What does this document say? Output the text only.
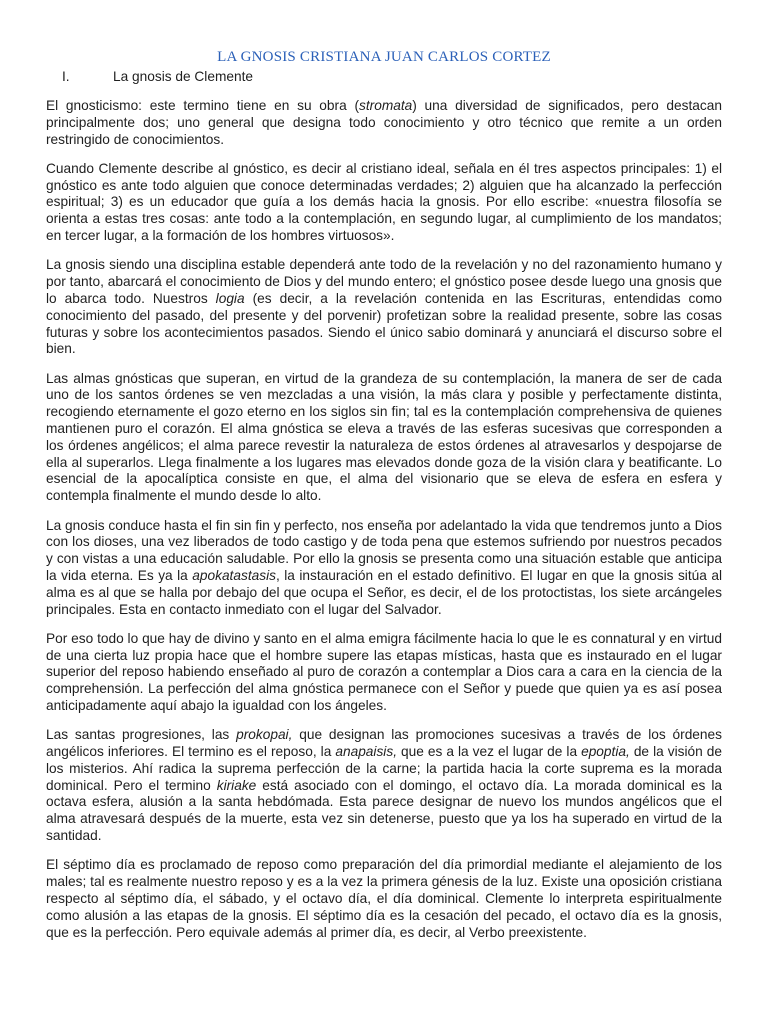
LA GNOSIS CRISTIANA JUAN CARLOS CORTEZ
I.	La gnosis de Clemente

El gnosticismo: este termino tiene en su obra (stromata) una diversidad de significados, pero destacan principalmente dos; uno general que designa todo conocimiento y otro técnico que remite a un orden restringido de conocimientos.

Cuando Clemente describe al gnóstico, es decir al cristiano ideal, señala en él tres aspectos principales: 1) el gnóstico es ante todo alguien que conoce determinadas verdades; 2) alguien que ha alcanzado la perfección espiritual; 3) es un educador que guía a los demás hacia la gnosis. Por ello escribe: «nuestra filosofía se orienta a estas tres cosas: ante todo a la contemplación, en segundo lugar, al cumplimiento de los mandatos; en tercer lugar, a la formación de los hombres virtuosos».

La gnosis siendo una disciplina estable dependerá ante todo de la revelación y no del razonamiento humano y por tanto, abarcará el conocimiento de Dios y del mundo entero; el gnóstico posee desde luego una gnosis que lo abarca todo. Nuestros logia (es decir, a la revelación contenida en las Escrituras, entendidas como conocimiento del pasado, del presente y del porvenir) profetizan sobre la realidad presente, sobre las cosas futuras y sobre los acontecimientos pasados. Siendo el único sabio dominará y anunciará el discurso sobre el bien.

Las almas gnósticas que superan, en virtud de la grandeza de su contemplación, la manera de ser de cada uno de los santos órdenes se ven mezcladas a una visión, la más clara y posible y perfectamente distinta, recogiendo eternamente el gozo eterno en los siglos sin fin; tal es la contemplación comprehensiva de quienes mantienen puro el corazón. El alma gnóstica se eleva a través de las esferas sucesivas que corresponden a los órdenes angélicos; el alma parece revestir la naturaleza de estos órdenes al atravesarlos y despojarse de ella al superarlos. Llega finalmente a los lugares mas elevados donde goza de la visión clara y beatificante. Lo esencial de la apocalíptica consiste en que, el alma del visionario que se eleva de esfera en esfera y contempla finalmente el mundo desde lo alto.

La gnosis conduce hasta el fin sin fin y perfecto, nos enseña por adelantado la vida que tendremos junto a Dios con los dioses, una vez liberados de todo castigo y de toda pena que estemos sufriendo por nuestros pecados y con vistas a una educación saludable. Por ello la gnosis se presenta como una situación estable que anticipa la vida eterna. Es ya la apokatastasis, la instauración en el estado definitivo. El lugar en que la gnosis sitúa al alma es al que se halla por debajo del que ocupa el Señor, es decir, el de los protoctistas, los siete arcángeles principales. Esta en contacto inmediato con el lugar del Salvador.

Por eso todo lo que hay de divino y santo en el alma emigra fácilmente hacia lo que le es connatural y en virtud de una cierta luz propia hace que el hombre supere las etapas místicas, hasta que es instaurado en el lugar superior del reposo habiendo enseñado al puro de corazón a contemplar a Dios cara a cara en la ciencia de la comprehensión. La perfección del alma gnóstica permanece con el Señor y puede que quien ya es así posea anticipadamente aquí abajo la igualdad con los ángeles.

Las santas progresiones, las prokopai, que designan las promociones sucesivas a través de los órdenes angélicos inferiores. El termino es el reposo, la anapaisis, que es a la vez el lugar de la epoptia, de la visión de los misterios. Ahí radica la suprema perfección de la carne; la partida hacia la corte suprema es la morada dominical. Pero el termino kiriake está asociado con el domingo, el octavo día. La morada dominical es la octava esfera, alusión a la santa hebdómada. Esta parece designar de nuevo los mundos angélicos que el alma atravesará después de la muerte, esta vez sin detenerse, puesto que ya los ha superado en virtud de la santidad.

El séptimo día es proclamado de reposo como preparación del día primordial mediante el alejamiento de los males; tal es realmente nuestro reposo y es a la vez la primera génesis de la luz. Existe una oposición cristiana respecto al séptimo día, el sábado, y el octavo día, el día dominical. Clemente lo interpreta espiritualmente como alusión a las etapas de la gnosis. El séptimo día es la cesación del pecado, el octavo día es la gnosis, que es la perfección. Pero equivale además al primer día, es decir, al Verbo preexistente.
